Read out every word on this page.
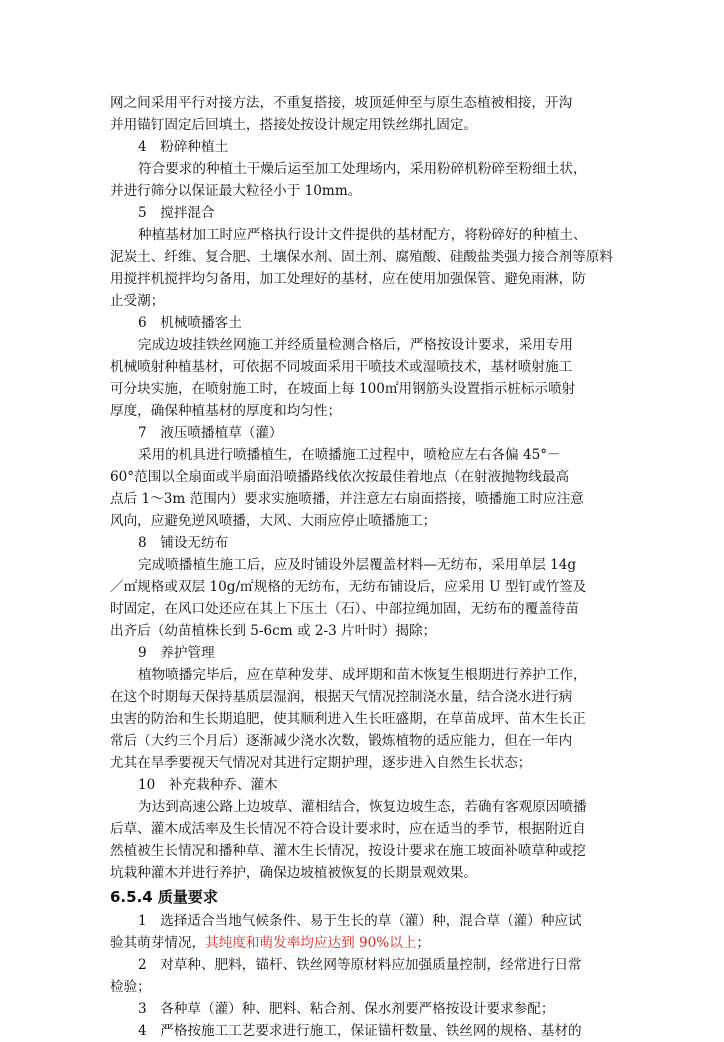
网之间采用平行对接方法，不重复搭接，坡顶延伸至与原生态植被相接，开沟
并用锚钉固定后回填土，搭接处按设计规定用铁丝绑扎固定。
4　粉碎种植土
符合要求的种植土干燥后运至加工处理场内，采用粉碎机粉碎至粉细土状，
并进行筛分以保证最大粒径小于 10mm。
5　搅拌混合
种植基材加工时应严格执行设计文件提供的基材配方，将粉碎好的种植土、
泥炭土、纤维、复合肥、土壤保水剂、固土剂、腐殖酸、硅酸盐类强力接合剂等原料
用搅拌机搅拌均匀备用，加工处理好的基材，应在使用加强保管、避免雨淋，防
止受潮；
6　机械喷播客土
完成边坡挂铁丝网施工并经质量检测合格后，严格按设计要求，采用专用
机械喷射种植基材，可依据不同坡面采用干喷技术或湿喷技术，基材喷射施工
可分块实施，在喷射施工时，在坡面上每 100㎡用钢筋头设置指示桩标示喷射
厚度，确保种植基材的厚度和均匀性；
7　液压喷播植草（灌）
采用的机具进行喷播植生，在喷播施工过程中，喷枪应左右各偏 45°－
60°范围以全扇面或半扇面沿喷播路线依次按最佳着地点（在射液抛物线最高
点后 1～3m 范围内）要求实施喷播，并注意左右扇面搭接，喷播施工时应注意
风向，应避免逆风喷播，大风、大雨应停止喷播施工；
8　铺设无纺布
完成喷播植生施工后，应及时铺设外层覆盖材料—无纺布，采用单层 14g
／㎡规格或双层 10g/㎡规格的无纺布，无纺布铺设后，应采用 U 型钉或竹签及
时固定，在风口处还应在其上下压土（石）、中部拉绳加固，无纺布的覆盖待苗
出齐后（幼苗植株长到 5-6cm 或 2-3 片叶时）揭除；
9　养护管理
植物喷播完毕后，应在草种发芽、成坪期和苗木恢复生根期进行养护工作，
在这个时期每天保持基质层湿润，根据天气情况控制浇水量，结合浇水进行病
虫害的防治和生长期追肥，使其顺利进入生长旺盛期，在草苗成坪、苗木生长正
常后（大约三个月后）逐渐减少浇水次数，锻炼植物的适应能力，但在一年内
尤其在旱季要视天气情况对其进行定期护理，逐步进入自然生长状态；
10　补充栽种乔、灌木
为达到高速公路上边坡草、灌相结合，恢复边坡生态，若确有客观原因喷播
后草、灌木成活率及生长情况不符合设计要求时，应在适当的季节，根据附近自
然植被生长情况和播种草、灌木生长情况，按设计要求在施工坡面补喷草种或挖
坑栽种灌木并进行养护，确保边坡植被恢复的长期景观效果。
6.5.4 质量要求
1　选择适合当地气候条件、易于生长的草（灌）种，混合草（灌）种应试
验其萌芽情况，其纯度和萌发率均应达到 90%以上；
2　对草种、肥料，锚杆、铁丝网等原材料应加强质量控制，经常进行日常
检验；
3　各种草（灌）种、肥料、粘合剂、保水剂要严格按设计要求参配；
4　严格按施工工艺要求进行施工，保证锚杆数量、铁丝网的规格、基材的
